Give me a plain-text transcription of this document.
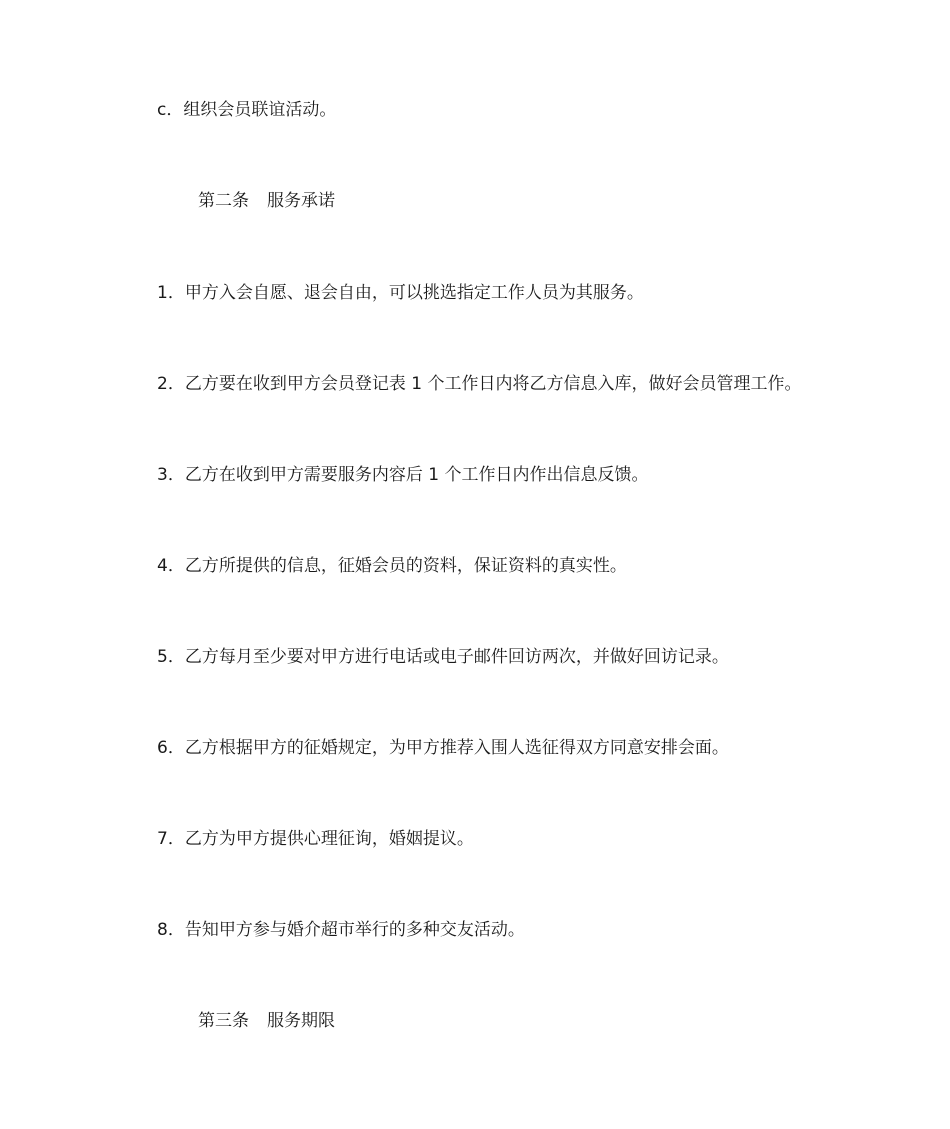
c．组织会员联谊活动。
第二条 服务承诺
1．甲方入会自愿、退会自由，可以挑选指定工作人员为其服务。
2．乙方要在收到甲方会员登记表 1 个工作日内将乙方信息入库，做好会员管理工作。
3．乙方在收到甲方需要服务内容后 1 个工作日内作出信息反馈。
4．乙方所提供的信息，征婚会员的资料，保证资料的真实性。
5．乙方每月至少要对甲方进行电话或电子邮件回访两次，并做好回访记录。
6．乙方根据甲方的征婚规定，为甲方推荐入围人选征得双方同意安排会面。
7．乙方为甲方提供心理征询，婚姻提议。
8．告知甲方参与婚介超市举行的多种交友活动。
第三条 服务期限
